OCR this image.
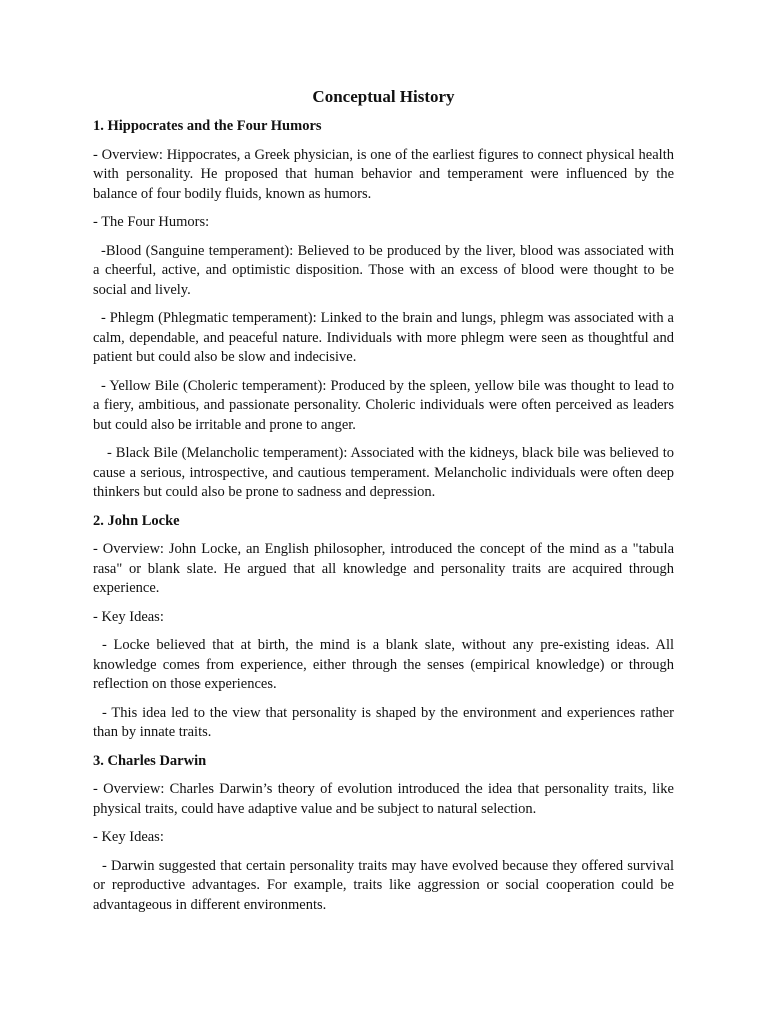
Conceptual History
1. Hippocrates and the Four Humors

- Overview: Hippocrates, a Greek physician, is one of the earliest figures to connect physical health with personality. He proposed that human behavior and temperament were influenced by the balance of four bodily fluids, known as humors.

- The Four Humors:

-Blood (Sanguine temperament): Believed to be produced by the liver, blood was associated with a cheerful, active, and optimistic disposition. Those with an excess of blood were thought to be social and lively.

- Phlegm (Phlegmatic temperament): Linked to the brain and lungs, phlegm was associated with a calm, dependable, and peaceful nature. Individuals with more phlegm were seen as thoughtful and patient but could also be slow and indecisive.

- Yellow Bile (Choleric temperament): Produced by the spleen, yellow bile was thought to lead to a fiery, ambitious, and passionate personality. Choleric individuals were often perceived as leaders but could also be irritable and prone to anger.

- Black Bile (Melancholic temperament): Associated with the kidneys, black bile was believed to cause a serious, introspective, and cautious temperament. Melancholic individuals were often deep thinkers but could also be prone to sadness and depression.

2. John Locke

- Overview: John Locke, an English philosopher, introduced the concept of the mind as a "tabula rasa" or blank slate. He argued that all knowledge and personality traits are acquired through experience.

- Key Ideas:

- Locke believed that at birth, the mind is a blank slate, without any pre-existing ideas. All knowledge comes from experience, either through the senses (empirical knowledge) or through reflection on those experiences.

- This idea led to the view that personality is shaped by the environment and experiences rather than by innate traits.

3. Charles Darwin

- Overview: Charles Darwin’s theory of evolution introduced the idea that personality traits, like physical traits, could have adaptive value and be subject to natural selection.

- Key Ideas:

- Darwin suggested that certain personality traits may have evolved because they offered survival or reproductive advantages. For example, traits like aggression or social cooperation could be advantageous in different environments.
